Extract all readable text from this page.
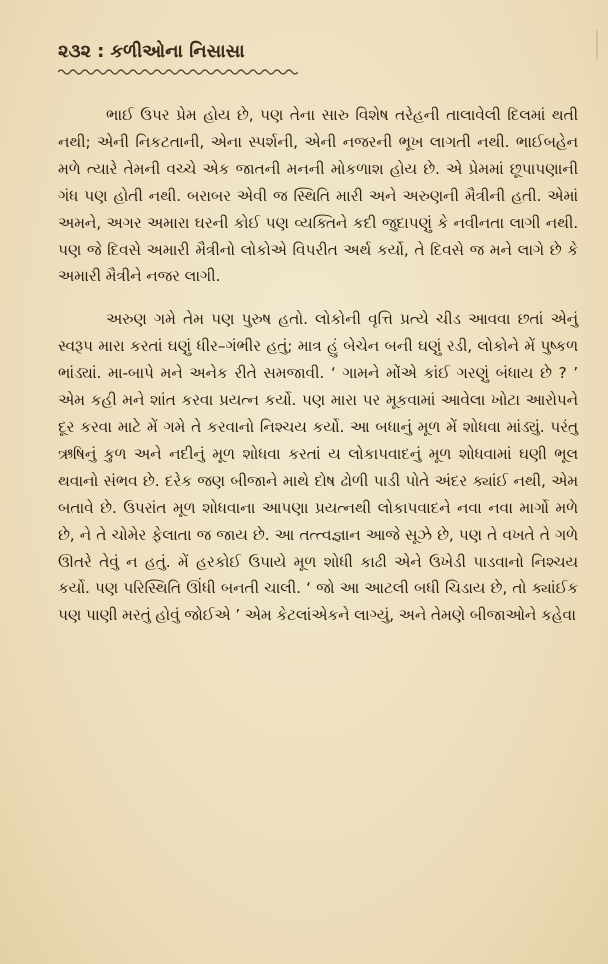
૨૩૨ : કળીઓના નિસાસા

ભાઈ ઉપર પ્રેમ હોય છે, પણ તેના સારુ વિશેષ તરેહની તાલાવેલી દિલમાં થતી નથી; એની નિકટતાની, એના સ્પર્શની, એની નજરની ભૂખ લાગતી નથી. ભાઈબહેન મળે ત્યારે તેમની વચ્ચે એક જાતની મનની મોકળાશ હોય છે. એ પ્રેમમાં છૂપાપણાની ગંધ પણ હોતી નથી. બરાબર એવી જ સ્થિતિ મારી અને અરુણની મૈત્રીની હતી. એમાં અમને, અગર અમારા ઘરની કોઈ પણ વ્યક્તિને કદી જુદાપણું કે નવીનતા લાગી નથી. પણ જે દિવસે અમારી મૈત્રીનો લોકોએ વિપરીત અર્થ કર્યો, તે દિવસે જ મને લાગે છે કે અમારી મૈત્રીને નજર લાગી.

અરુણ ગમે તેમ પણ પુરુષ હતો. લોકોની વૃત્તિ પ્રત્યે ચીડ આવવા છતાં એનું સ્વરૂપ મારા કરતાં ઘણું ધીર–ગંભીર હતું; માત્ર હું બેચેન બની ઘણું રડી, લોકોને મેં પુષ્કળ ભાંડ્યાં. મા-બાપે મને અનેક રીતે સમજાવી. ‘ ગામને મોંએ કાંઈ ગરણું બંધાય છે ? ’ એમ કહી મને શાંત કરવા પ્રયત્ન કર્યો. પણ મારા પર મૂકવામાં આવેલા ખોટા આરોપને દૂર કરવા માટે મેં ગમે તે કરવાનો નિશ્ચય કર્યો. આ બધાનું મૂળ મેં શોધવા માંડ્યું. પરંતુ ઋષિનું કુળ અને નદીનું મૂળ શોધવા કરતાં ય લોકાપવાદનું મૂળ શોધવામાં ઘણી ભૂલ થવાનો સંભવ છે. દરેક જણ બીજાને માથે દોષ ઢોળી પાડી પોતે અંદર ક્યાંઈ નથી, એમ બતાવે છે. ઉપરાંત મૂળ શોધવાના આપણા પ્રયત્નથી લોકાપવાદને નવા નવા માર્ગો મળે છે, ને તે ચોમેર ફેલાતા જ જાય છે. આ તત્ત્વજ્ઞાન આજે સૂઝે છે, પણ તે વખતે તે ગળે ઊતરે તેવું ન હતું. મેં હરકોઈ ઉપાયે મૂળ શોધી કાઢી એને ઉખેડી પાડવાનો નિશ્ચય કર્યો. પણ પરિસ્થિતિ ઊંધી બનતી ચાલી. ‘ જો આ આટલી બધી ચિડાય છે, તો ક્યાંઈક પણ પાણી મરતું હોવું જોઈએ ’ એમ કેટલાંએકને લાગ્યું, અને તેમણે બીજાઓને કહેવા
